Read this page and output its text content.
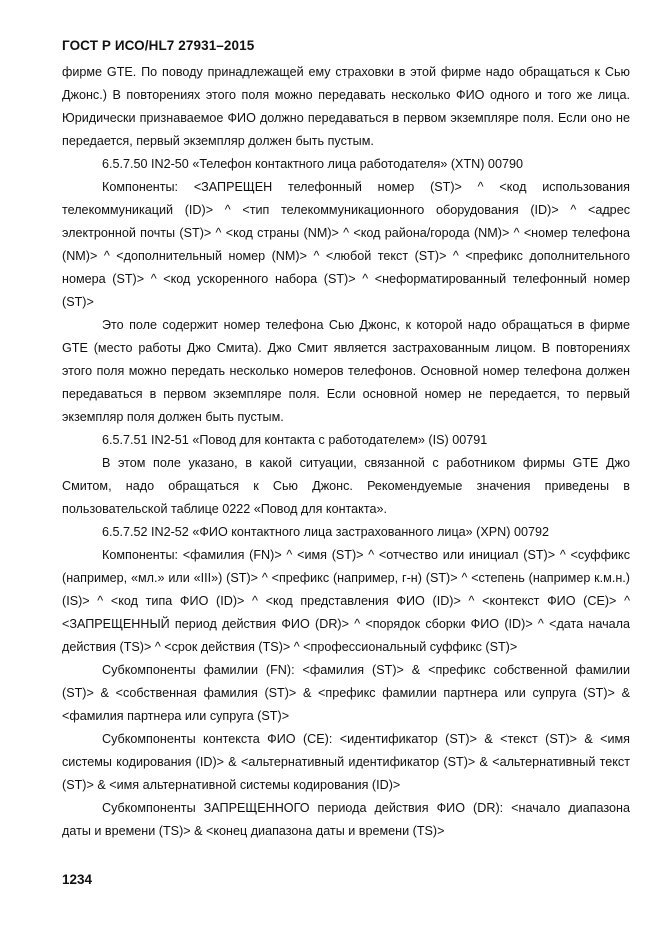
ГОСТ Р ИСО/HL7 27931–2015

фирме GTE. По поводу принадлежащей ему страховки в этой фирме надо обращаться к Сью Джонс.) В повторениях этого поля можно передавать несколько ФИО одного и того же лица. Юридически признаваемое ФИО должно передаваться в первом экземпляре поля. Если оно не передается, первый экземпляр должен быть пустым.

6.5.7.50 IN2-50 «Телефон контактного лица работодателя» (XTN) 00790

Компоненты: <ЗАПРЕЩЕН телефонный номер (ST)> ^ <код использования телекоммуникаций (ID)> ^ <тип телекоммуникационного оборудования (ID)> ^ <адрес электронной почты (ST)> ^ <код страны (NM)> ^ <код района/города (NM)> ^ <номер телефона (NM)> ^ <дополнительный номер (NM)> ^ <любой текст (ST)> ^ <префикс дополнительного номера (ST)> ^ <код ускоренного набора (ST)> ^ <неформатированный телефонный номер (ST)>

Это поле содержит номер телефона Сью Джонс, к которой надо обращаться в фирме GTE (место работы Джо Смита). Джо Смит является застрахованным лицом. В повторениях этого поля можно передать несколько номеров телефонов. Основной номер телефона должен передаваться в первом экземпляре поля. Если основной номер не передается, то первый экземпляр поля должен быть пустым.

6.5.7.51 IN2-51 «Повод для контакта с работодателем» (IS) 00791

В этом поле указано, в какой ситуации, связанной с работником фирмы GTE Джо Смитом, надо обращаться к Сью Джонс. Рекомендуемые значения приведены в пользовательской таблице 0222 «Повод для контакта».

6.5.7.52 IN2-52 «ФИО контактного лица застрахованного лица» (XPN) 00792

Компоненты: <фамилия (FN)> ^ <имя (ST)> ^ <отчество или инициал (ST)> ^ <суффикс (например, «мл.» или «III») (ST)> ^ <префикс (например, г-н) (ST)> ^ <степень (например к.м.н.) (IS)> ^ <код типа ФИО (ID)> ^ <код представления ФИО (ID)> ^ <контекст ФИО (CE)> ^ <ЗАПРЕЩЕННЫЙ период действия ФИО (DR)> ^ <порядок сборки ФИО (ID)> ^ <дата начала действия (TS)> ^ <срок действия (TS)> ^ <профессиональный суффикс (ST)>

Субкомпоненты фамилии (FN): <фамилия (ST)> & <префикс собственной фамилии (ST)> & <собственная фамилия (ST)> & <префикс фамилии партнера или супруга (ST)> & <фамилия партнера или супруга (ST)>

Субкомпоненты контекста ФИО (CE): <идентификатор (ST)> & <текст (ST)> & <имя системы кодирования (ID)> & <альтернативный идентификатор (ST)> & <альтернативный текст (ST)> & <имя альтернативной системы кодирования (ID)>

Субкомпоненты ЗАПРЕЩЕННОГО периода действия ФИО (DR): <начало диапазона даты и времени (TS)> & <конец диапазона даты и времени (TS)>

1234
